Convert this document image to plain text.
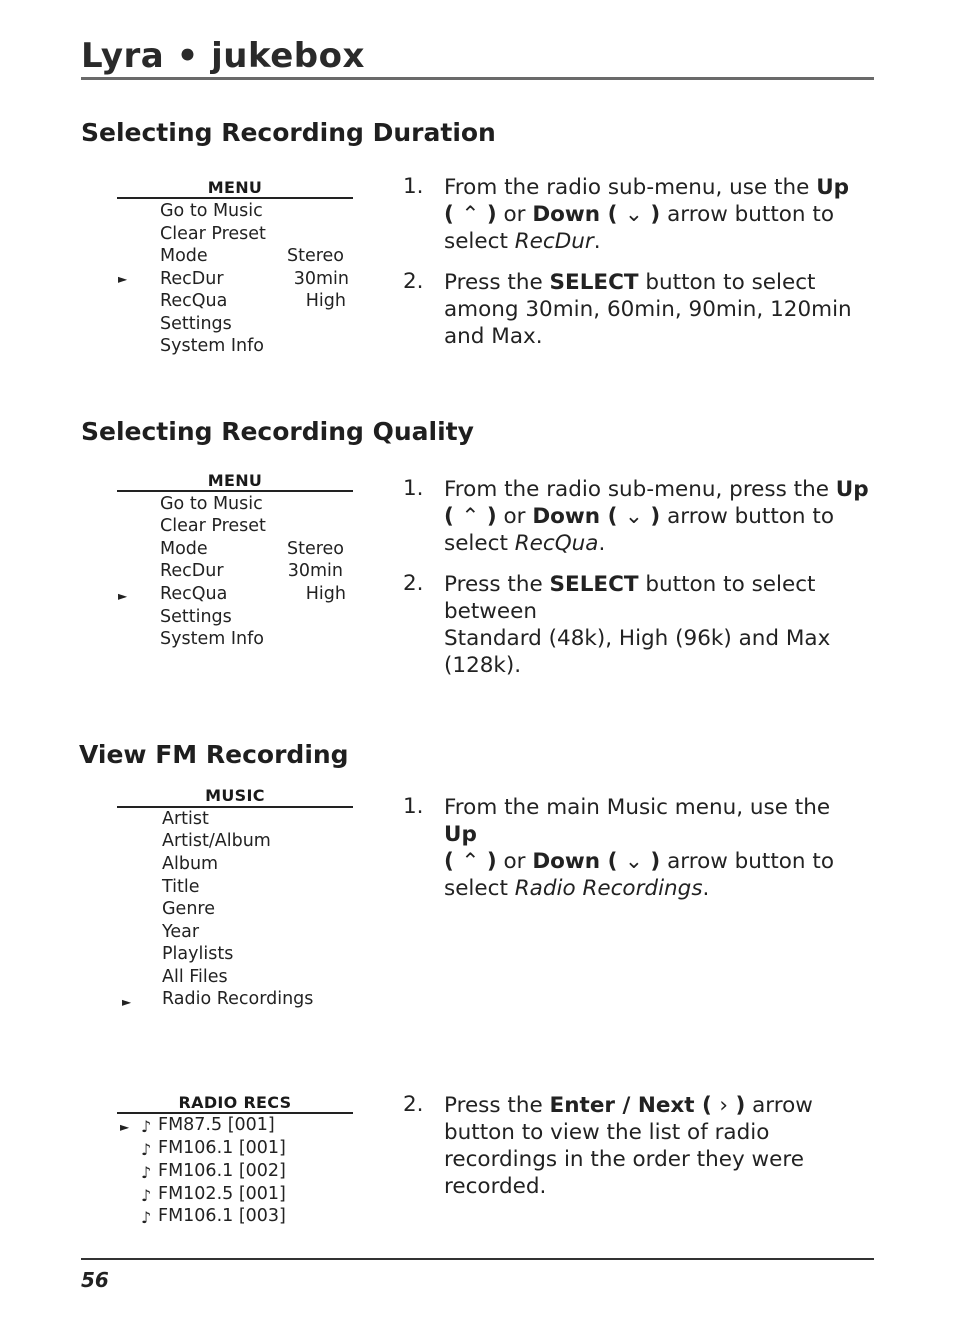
Lyra • jukebox
Selecting Recording Duration
MENU
Go to Music
Clear Preset
Mode	Stereo
► RecDur	30min
RecQua	High
Settings
System Info
1. From the radio sub-menu, use the Up
( ⌃ ) or Down ( ⌄ ) arrow button to select RecDur.
2. Press the SELECT button to select among 30min, 60min, 90min, 120min and Max.
Selecting Recording Quality
MENU
Go to Music
Clear Preset
Mode	Stereo
RecDur	30min
► RecQua	High
Settings
System Info
1. From the radio sub-menu, press the Up
( ⌃ ) or Down ( ⌄ ) arrow button to select RecQua.
2. Press the SELECT button to select between
Standard (48k), High (96k) and Max (128k).
View FM Recording
MUSIC
Artist
Artist/Album
Album
Title
Genre
Year
Playlists
All Files
► Radio Recordings
1. From the main Music menu, use the Up
( ⌃ ) or Down ( ⌄ ) arrow button to select Radio Recordings.
RADIO RECS
► ♪ FM87.5 [001]
♪ FM106.1 [001]
♪ FM106.1 [002]
♪ FM102.5 [001]
♪ FM106.1 [003]
2. Press the Enter / Next ( › ) arrow button to view the list of radio recordings in the order they were recorded.
56
